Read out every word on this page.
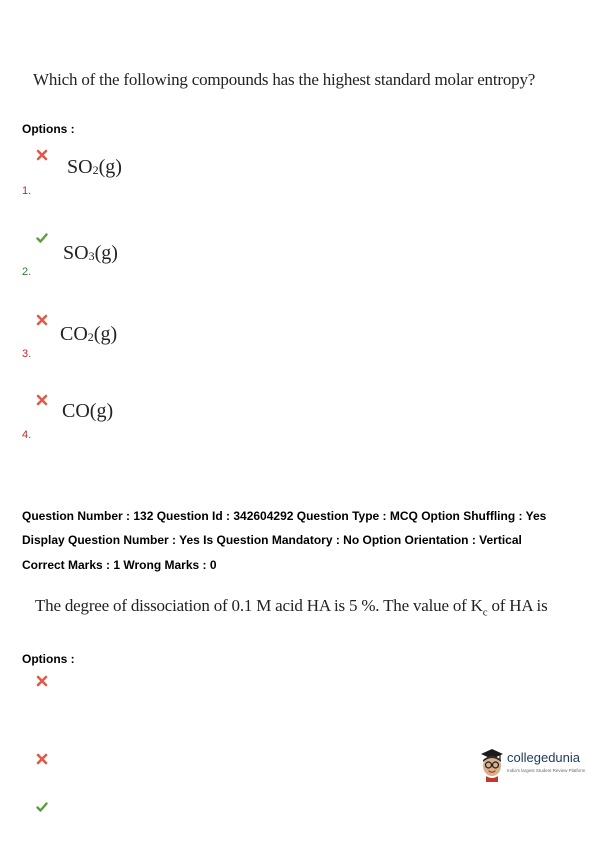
Which of the following compounds has the highest standard molar entropy?
Options :
$SO_2(g)$
1.
$SO_3(g)$
2.
$CO_2(g)$
3.
CO(g)
4.
Question Number : 132 Question Id : 342604292 Question Type : MCQ Option Shuffling : Yes
Display Question Number : Yes Is Question Mandatory : No Option Orientation : Vertical
Correct Marks : 1 Wrong Marks : 0
The degree of dissociation of 0.1 M acid HA is 5 %. The value of $K_c$ of HA is
Options :
collegedunia
India's largest Student Review Platform
